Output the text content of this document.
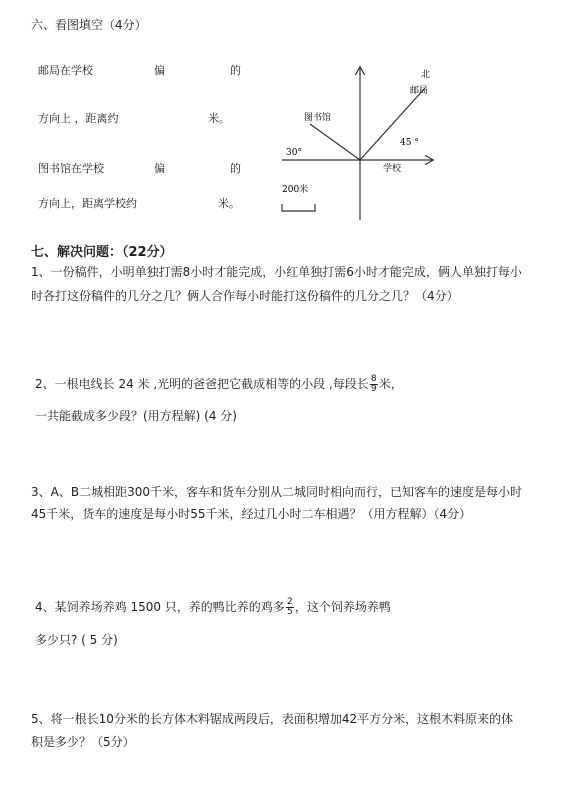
六、看图填空（4分）
邮局在学校	偏	的
方向上 ，距离约	米。
图书馆在学校	偏	的
方向上，距离学校约	米。
北
邮局
图书馆
30°
45 °
学校
200米
七、解决问题：（22分）
1、一份稿件，小明单独打需8小时才能完成，小红单独打需6小时才能完成，俩人单独打每小
时各打这份稿件的几分之几？俩人合作每小时能打这份稿件的几分之几？（4分）
2、一根电线长 24 米 ,光明的爸爸把它截成相等的小段 ,每段长 $\frac{8}{9}$ 米，
一共能截成多少段？(用方程解) (4 分)
3、A、B二城相距300千米，客车和货车分别从二城同时相向而行，已知客车的速度是每小时
45千米，货车的速度是每小时55千米，经过几小时二车相遇？（用方程解）（4分）
4、某饲养场养鸡 1500 只，养的鸭比养的鸡多 $\frac{2}{5}$ ，这个饲养场养鸭
多少只? ( 5 分)
5、将一根长10分米的长方体木料锯成两段后，表面积增加42平方分米，这根木料原来的体
积是多少？（5分）
